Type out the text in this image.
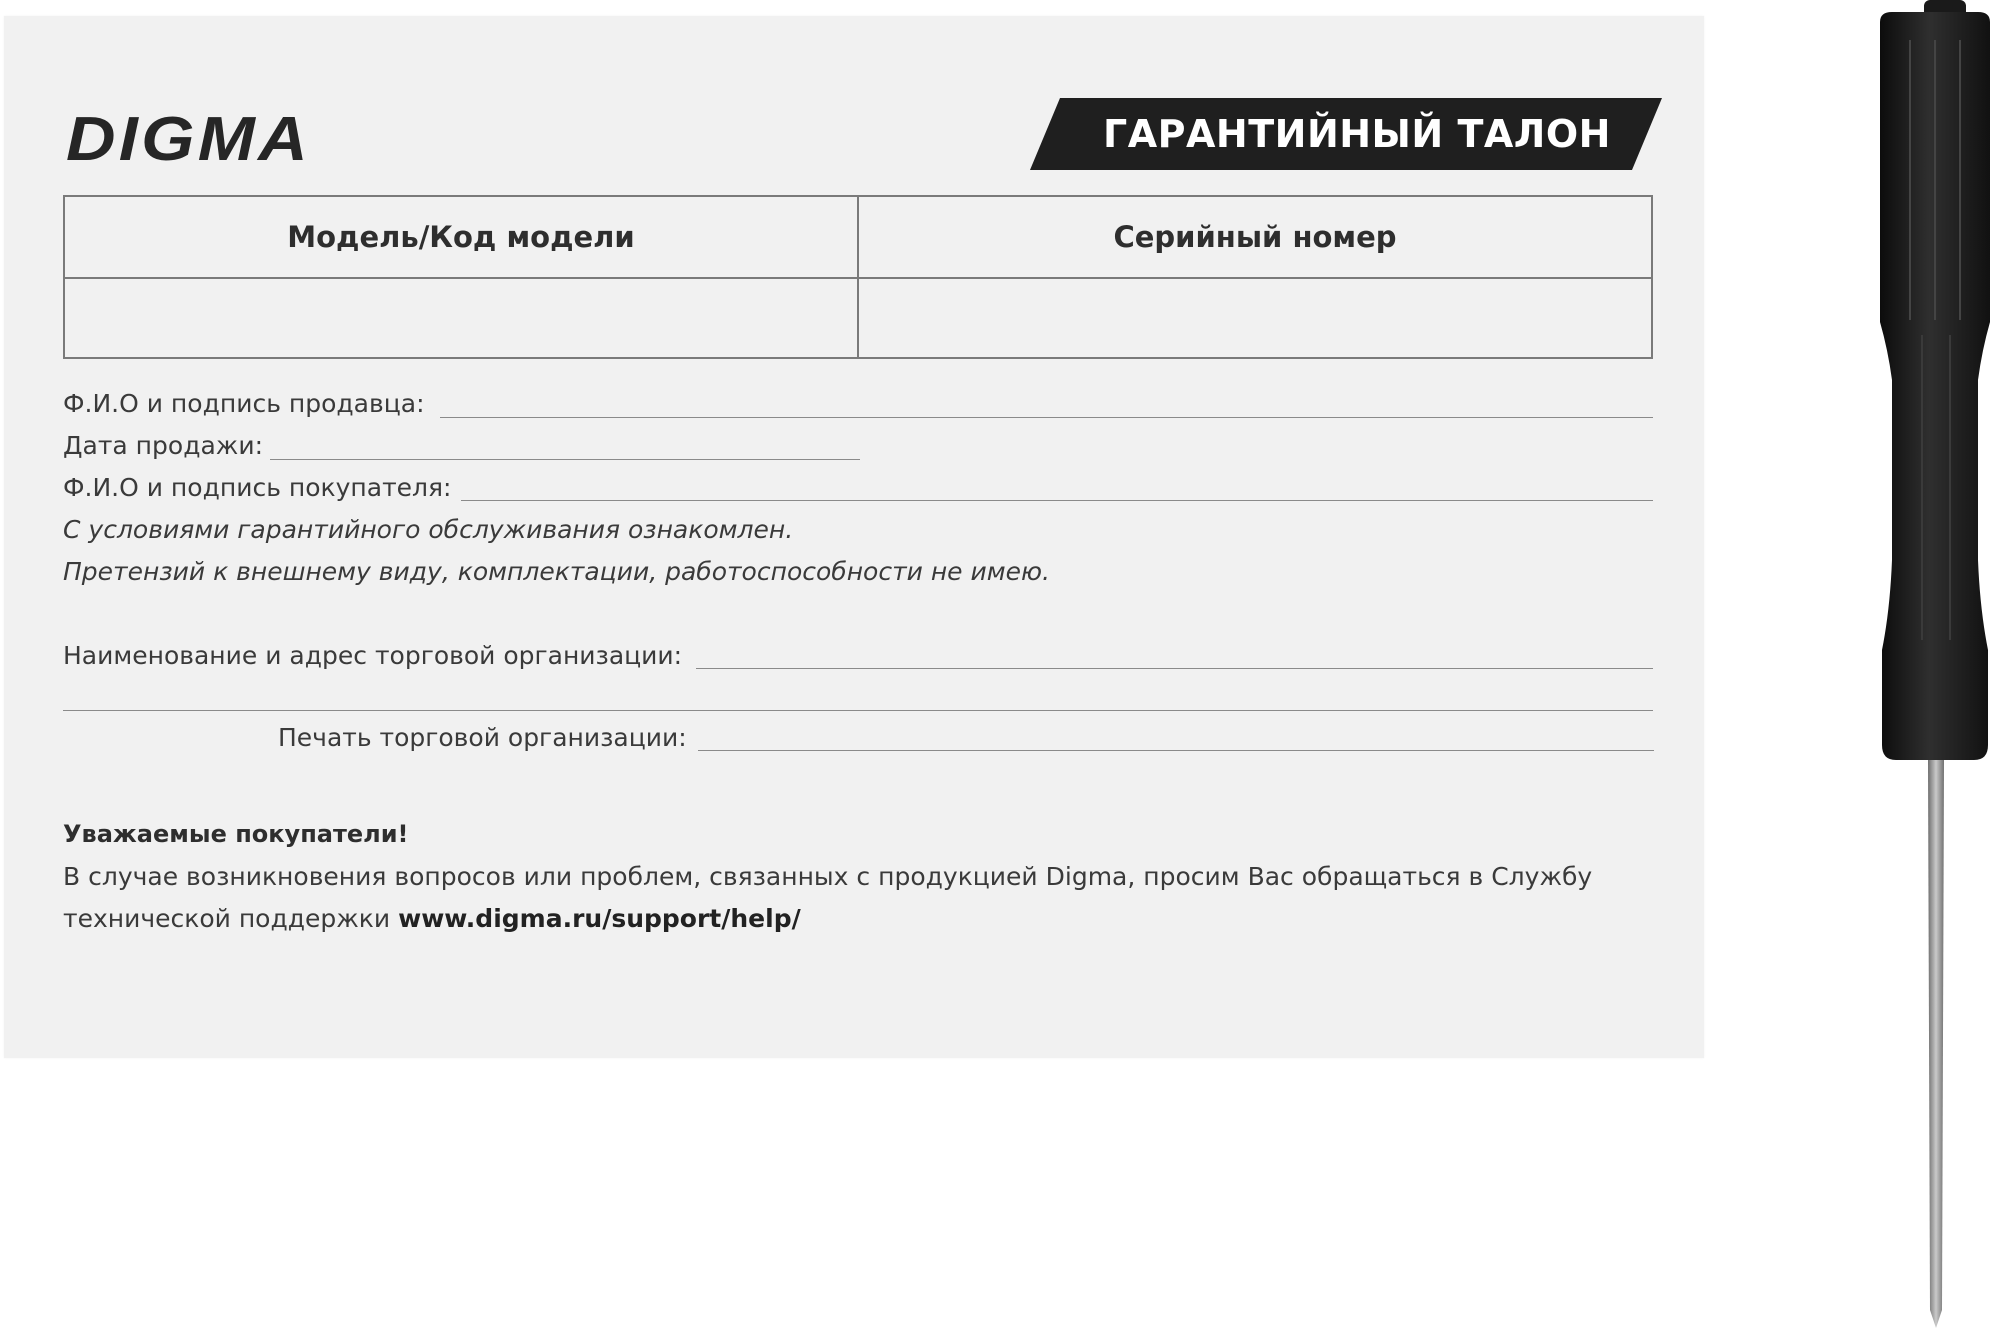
DIGMA	ГАРАНТИЙНЫЙ ТАЛОН
Модель/Код модели	Серийный номер

Ф.И.О и подпись продавца:
Дата продажи:
Ф.И.О и подпись покупателя:
С условиями гарантийного обслуживания ознакомлен.
Претензий к внешнему виду, комплектации, работоспособности не имею.
Наименование и адрес торговой организации:
Печать торговой организации:
Уважаемые покупатели!
В случае возникновения вопросов или проблем, связанных с продукцией Digma, просим Вас обращаться в Службу технической поддержки www.digma.ru/support/help/
